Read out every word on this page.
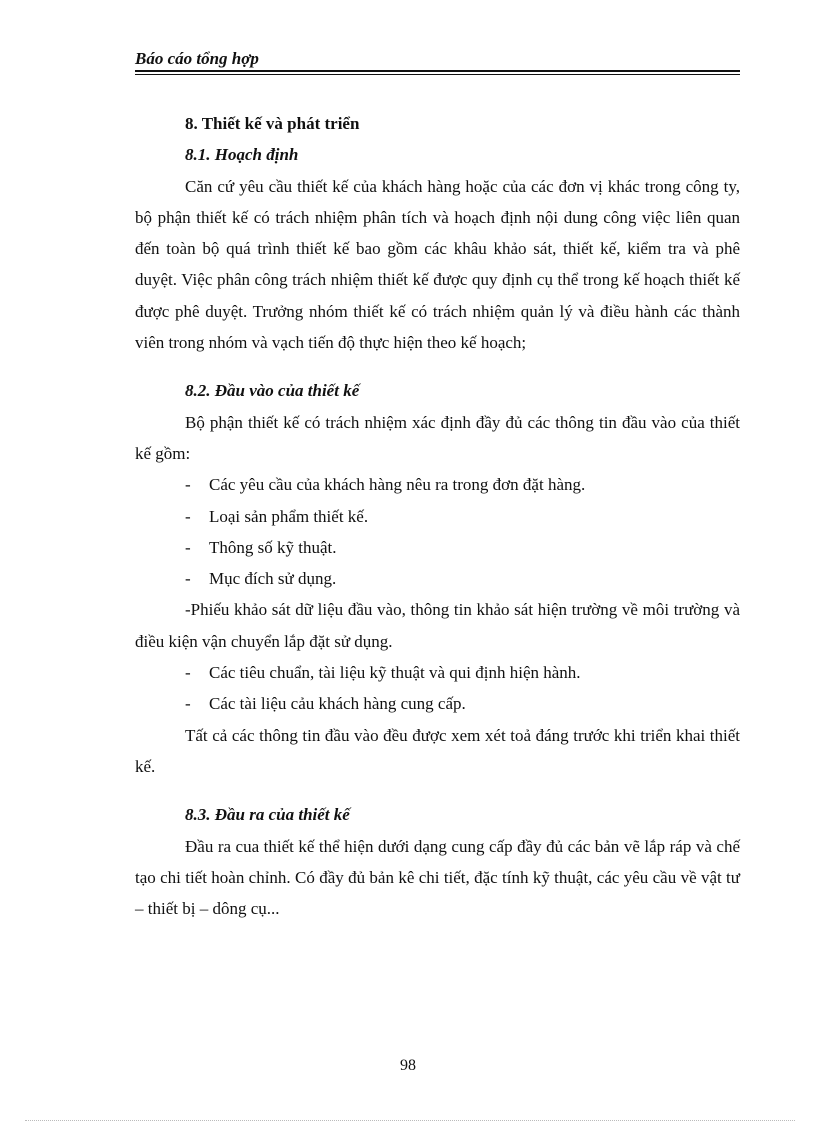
Báo cáo tổng hợp

8. Thiết kế và phát triển

8.1. Hoạch định

Căn cứ yêu cầu thiết kế của khách hàng hoặc của các đơn vị khác trong công ty, bộ phận thiết kế có trách nhiệm phân tích và hoạch định nội dung công việc liên quan đến toàn bộ quá trình thiết kế bao gồm các khâu khảo sát, thiết kế, kiểm tra và phê duyệt. Việc phân công trách nhiệm thiết kế được quy định cụ thể trong kế hoạch thiết kế được phê duyệt. Trưởng nhóm thiết kế có trách nhiệm quản lý và điều hành các thành viên trong nhóm và vạch tiến độ thực hiện theo kế hoạch;

8.2. Đầu vào của thiết kế

Bộ phận thiết kế có trách nhiệm xác định đầy đủ các thông tin đầu vào của thiết kế gồm:

- Các yêu cầu của khách hàng nêu ra trong đơn đặt hàng.

- Loại sản phẩm thiết kế.

- Thông số kỹ thuật.

- Mục đích sử dụng.

-Phiếu khảo sát dữ liệu đầu vào, thông tin khảo sát hiện trường về môi trường và điều kiện vận chuyển lắp đặt sử dụng.

- Các tiêu chuẩn, tài liệu kỹ thuật và qui định hiện hành.

- Các tài liệu cảu khách hàng cung cấp.

Tất cả các thông tin đầu vào đều được xem xét toả đáng trước khi triển khai thiết kế.

8.3. Đầu ra của thiết kế

Đầu ra cua thiết kế thể hiện dưới dạng cung cấp đầy đủ các bản vẽ lắp ráp và chế tạo chi tiết hoàn chỉnh. Có đầy đủ bản kê chi tiết, đặc tính kỹ thuật, các yêu cầu về vật tư – thiết bị – dông cụ...

98
